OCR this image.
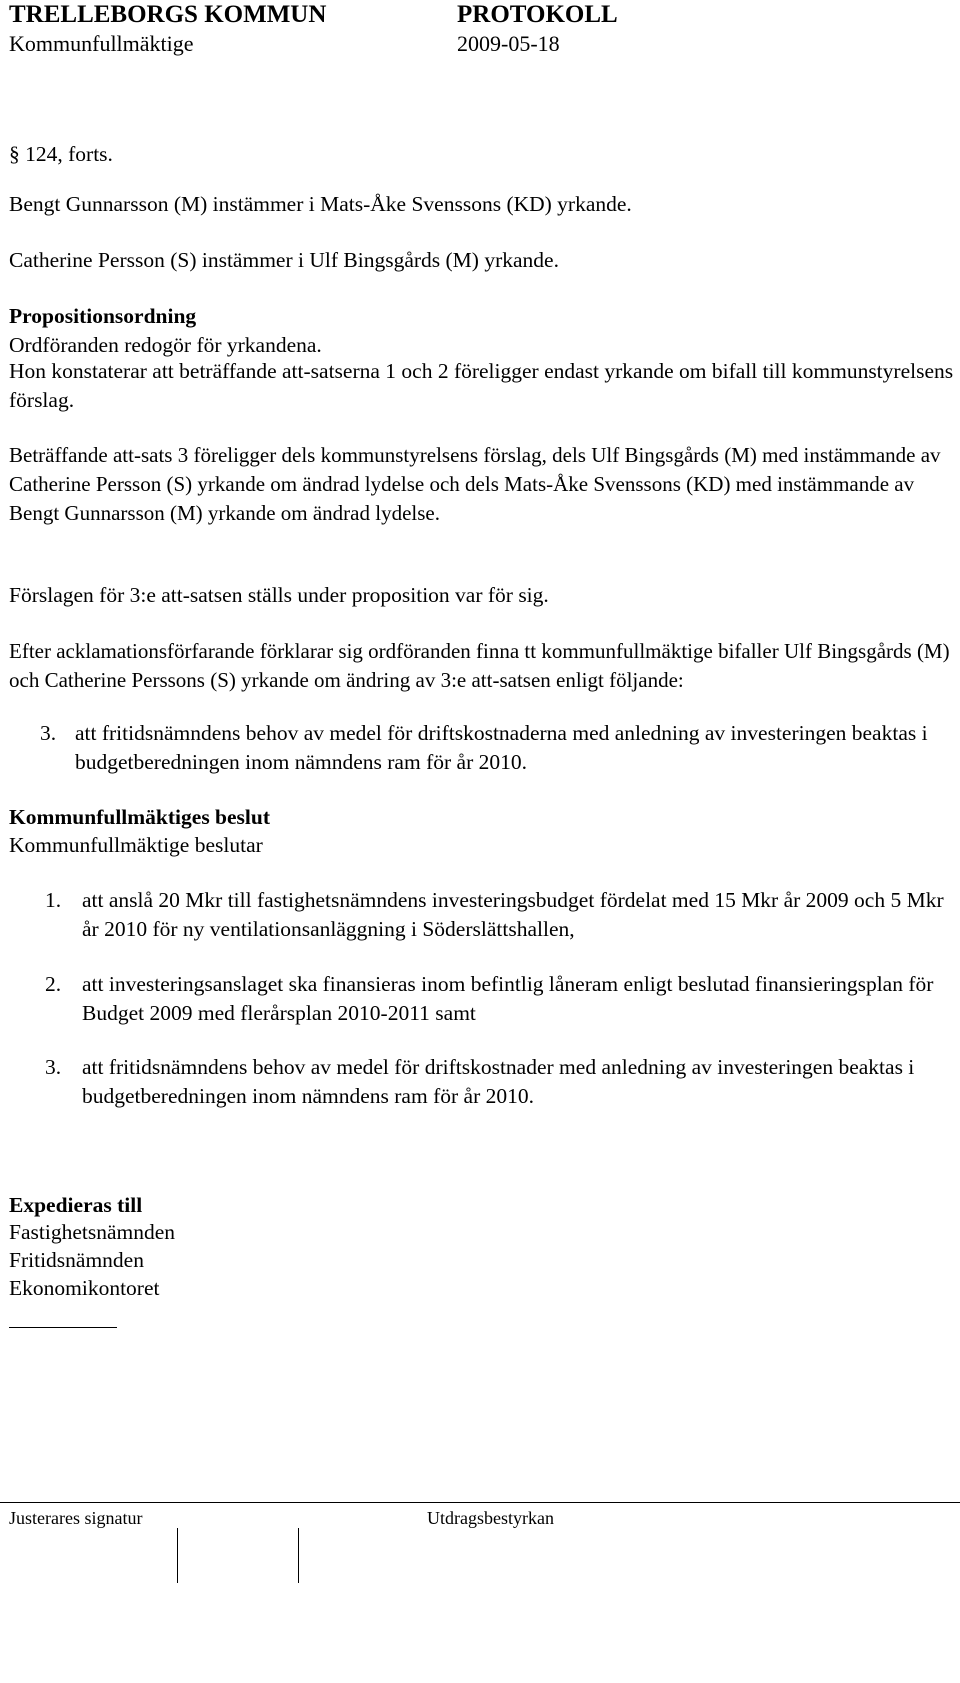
TRELLEBORGS KOMMUN	PROTOKOLL
Kommunfullmäktige	2009-05-18
§ 124, forts.
Bengt Gunnarsson (M) instämmer i Mats-Åke Svenssons (KD) yrkande.
Catherine Persson (S) instämmer i Ulf Bingsgårds (M) yrkande.
Propositionsordning
Ordföranden redogör för yrkandena.
Hon konstaterar att beträffande att-satserna 1 och 2 föreligger endast yrkande om bifall till kommunstyrelsens förslag.
Beträffande att-sats 3 föreligger dels kommunstyrelsens förslag, dels Ulf Bingsgårds (M) med instämmande av Catherine Persson (S) yrkande om ändrad lydelse och dels Mats-Åke Svenssons (KD) med instämmande av Bengt Gunnarsson (M) yrkande om ändrad lydelse.
Förslagen för 3:e att-satsen ställs under proposition var för sig.
Efter acklamationsförfarande förklarar sig ordföranden finna tt kommunfullmäktige bifaller Ulf Bingsgårds (M) och Catherine Perssons (S) yrkande om ändring av 3:e att-satsen enligt följande:
3. att fritidsnämndens behov av medel för driftskostnaderna med anledning av investeringen beaktas i budgetberedningen inom nämndens ram för år 2010.
Kommunfullmäktiges beslut
Kommunfullmäktige beslutar
1. att anslå 20 Mkr till fastighetsnämndens investeringsbudget fördelat med 15 Mkr år 2009 och 5 Mkr år 2010 för ny ventilationsanläggning i Söderslättshallen,
2. att investeringsanslaget ska finansieras inom befintlig låneram enligt beslutad finansieringsplan för Budget 2009 med flerårsplan 2010-2011 samt
3. att fritidsnämndens behov av medel för driftskostnader med anledning av investeringen beaktas i budgetberedningen inom nämndens ram för år 2010.
Expedieras till
Fastighetsnämnden
Fritidsnämnden
Ekonomikontoret
Justerares signatur	Utdragsbestyrkan
